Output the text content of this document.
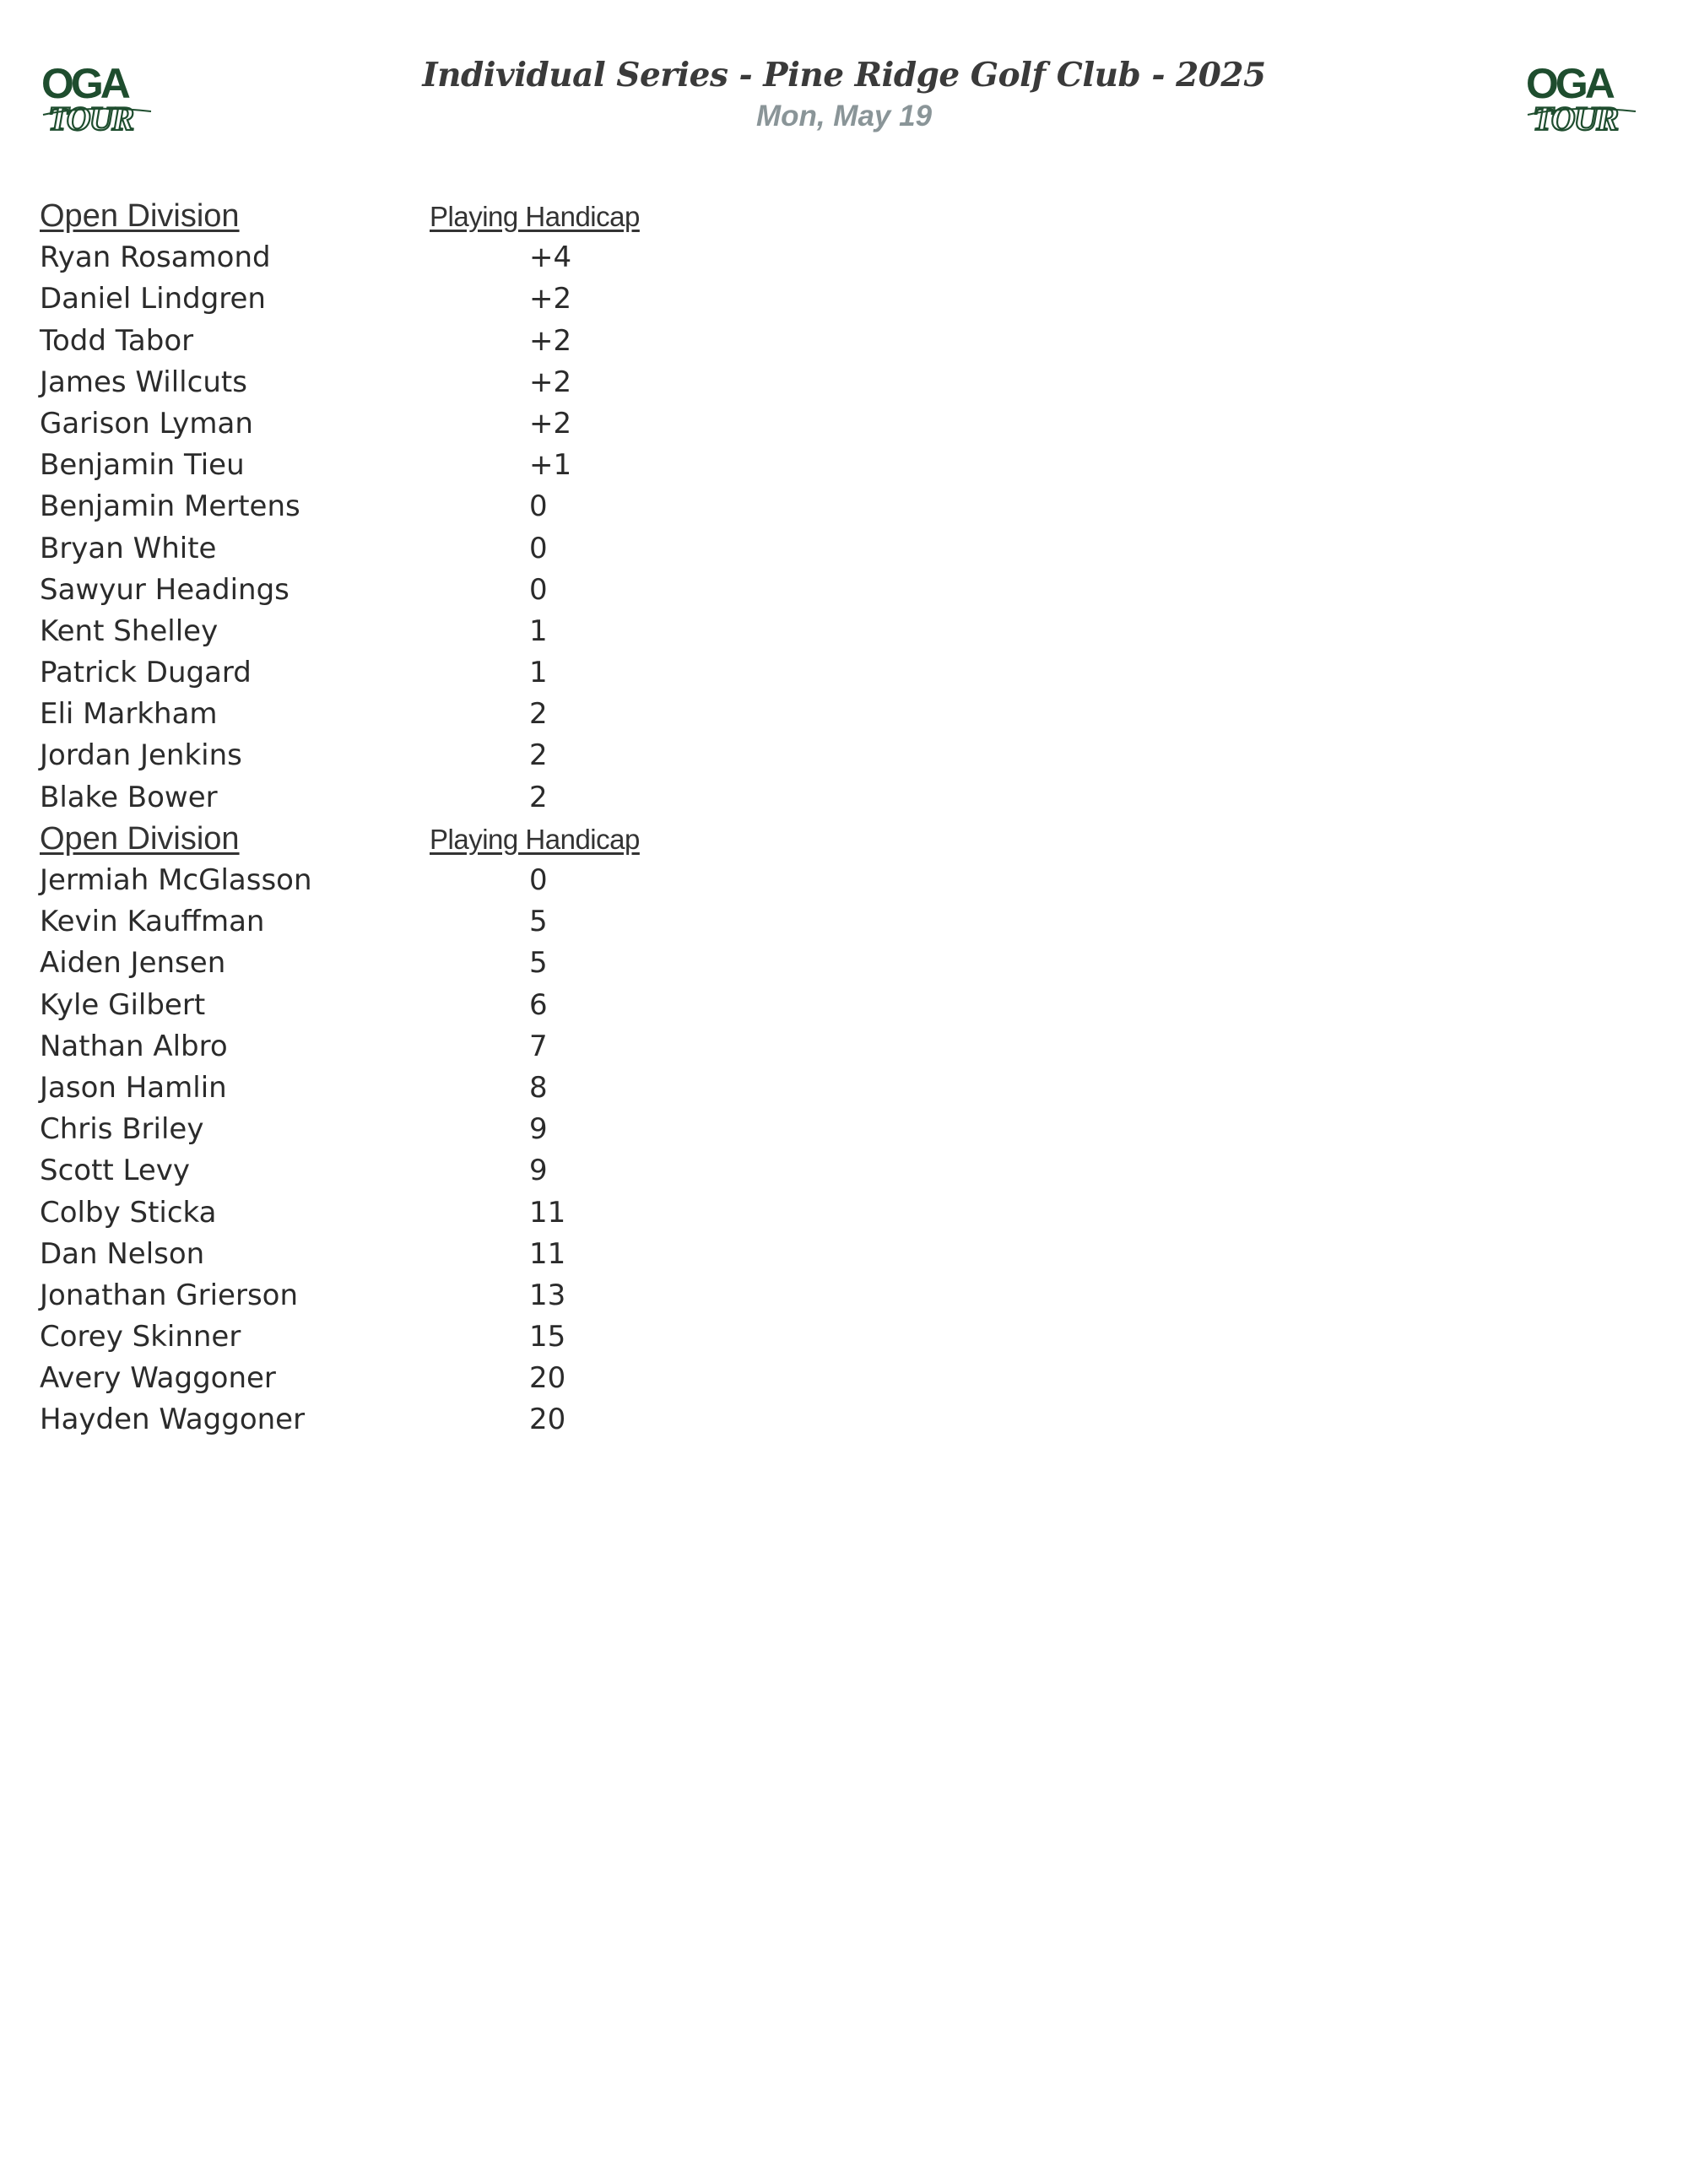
OGA
TOUR
OGA
TOUR
Individual Series - Pine Ridge Golf Club - 2025
Mon, May 19
Open Division	Playing Handicap
Ryan Rosamond	+4
Daniel Lindgren	+2
Todd Tabor	+2
James Willcuts	+2
Garison Lyman	+2
Benjamin Tieu	+1
Benjamin Mertens	0
Bryan White	0
Sawyur Headings	0
Kent Shelley	1
Patrick Dugard	1
Eli Markham	2
Jordan Jenkins	2
Blake Bower	2
Open Division	Playing Handicap
Jermiah McGlasson	0
Kevin Kauffman	5
Aiden Jensen	5
Kyle Gilbert	6
Nathan Albro	7
Jason Hamlin	8
Chris Briley	9
Scott Levy	9
Colby Sticka	11
Dan Nelson	11
Jonathan Grierson	13
Corey Skinner	15
Avery Waggoner	20
Hayden Waggoner	20
